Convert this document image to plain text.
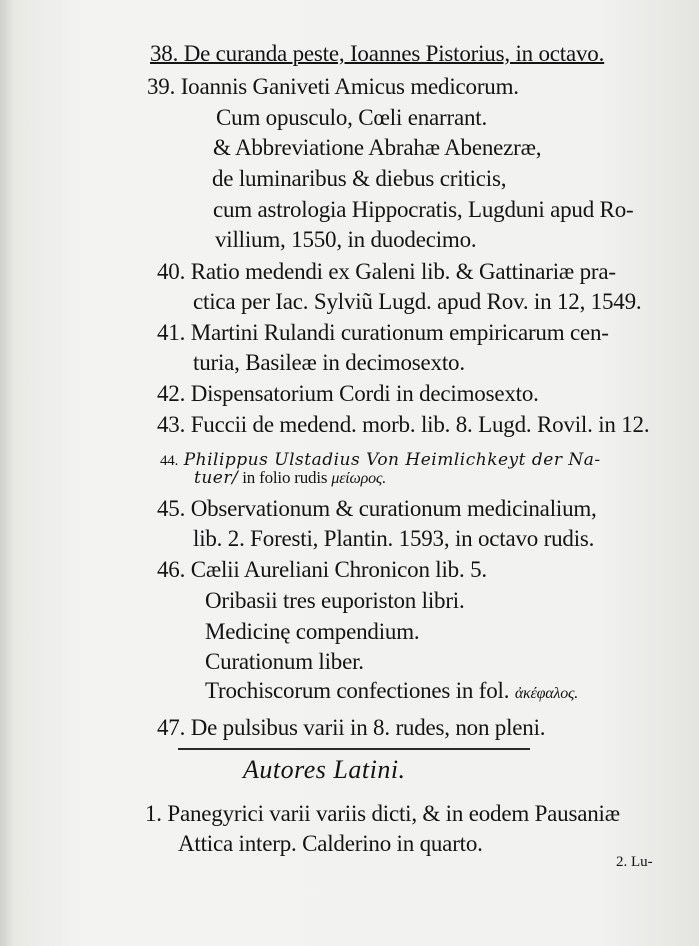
38. De curanda peste, Ioannes Pistorius, in octavo.
39. Ioannis Ganiveti Amicus medicorum.
Cum opusculo, Cœli enarrant.
& Abbreviatione Abrahæ Abenezræ,
de luminaribus & diebus criticis,
cum astrologia Hippocratis, Lugduni apud Ro-
villium, 1550, in duodecimo.
40. Ratio medendi ex Galeni lib. & Gattinariæ pra-
ctica per Iac. Sylviũ Lugd. apud Rov. in 12, 1549.
41. Martini Rulandi curationum empiricarum cen-
turia, Basileæ in decimosexto.
42. Dispensatorium Cordi in decimosexto.
43. Fuccii de medend. morb. lib. 8. Lugd. Rovil. in 12.
44. Philippus Ulstadius Von Heimlichkeyt der Na-
tuer/ in folio rudis μείωρος.
45. Observationum & curationum medicinalium,
lib. 2. Foresti, Plantin. 1593, in octavo rudis.
46. Cælii Aureliani Chronicon lib. 5.
Oribasii tres euporiston libri.
Medicinę compendium.
Curationum liber.
Trochiscorum confectiones in fol. ἀκέφαλος.
47. De pulsibus varii in 8. rudes, non pleni.
Autores Latini.
1. Panegyrici varii variis dicti, & in eodem Pausaniæ
Attica interp. Calderino in quarto.
2. Lu-
